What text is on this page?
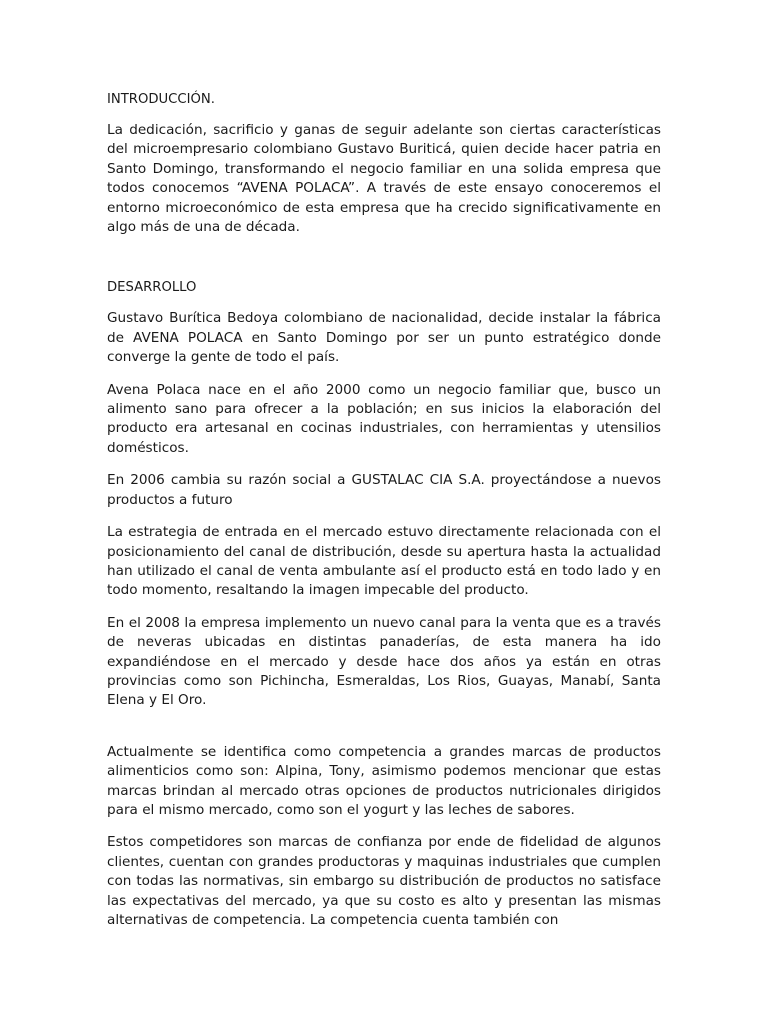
INTRODUCCIÓN.

La dedicación, sacrificio y ganas de seguir adelante son ciertas características del microempresario colombiano Gustavo Buriticá, quien decide hacer patria en Santo Domingo, transformando el negocio familiar en una solida empresa que todos conocemos “AVENA POLACA”. A través de este ensayo conoceremos el entorno microeconómico de esta empresa que ha crecido significativamente en algo más de una de década.

DESARROLLO

Gustavo Burítica Bedoya colombiano de nacionalidad, decide instalar la fábrica de AVENA POLACA en Santo Domingo por ser un punto estratégico donde converge la gente de todo el país.

Avena Polaca nace en el año 2000 como un negocio familiar que, busco un alimento sano para ofrecer a la población; en sus inicios la elaboración del producto era artesanal en cocinas industriales, con herramientas y utensilios domésticos.

En 2006 cambia su razón social a GUSTALAC CIA S.A. proyectándose a nuevos productos a futuro

La estrategia de entrada en el mercado estuvo directamente relacionada con el posicionamiento del canal de distribución, desde su apertura hasta la actualidad han utilizado el canal de venta ambulante así el producto está en todo lado y en todo momento, resaltando la imagen impecable del producto.

En el 2008 la empresa implemento un nuevo canal para la venta que es a través de neveras ubicadas en distintas panaderías, de esta manera ha ido expandiéndose en el mercado y desde hace dos años ya están en otras provincias como son Pichincha, Esmeraldas, Los Rios, Guayas, Manabí, Santa Elena y El Oro.

Actualmente se identifica como competencia a grandes marcas de productos alimenticios como son: Alpina, Tony, asimismo podemos mencionar que estas marcas brindan al mercado otras opciones de productos nutricionales dirigidos para el mismo mercado, como son el yogurt y las leches de sabores.

Estos competidores son marcas de confianza por ende de fidelidad de algunos clientes, cuentan con grandes productoras y maquinas industriales que cumplen con todas las normativas, sin embargo su distribución de productos no satisface las expectativas del mercado, ya que su costo es alto y presentan las mismas alternativas de competencia. La competencia cuenta también con
